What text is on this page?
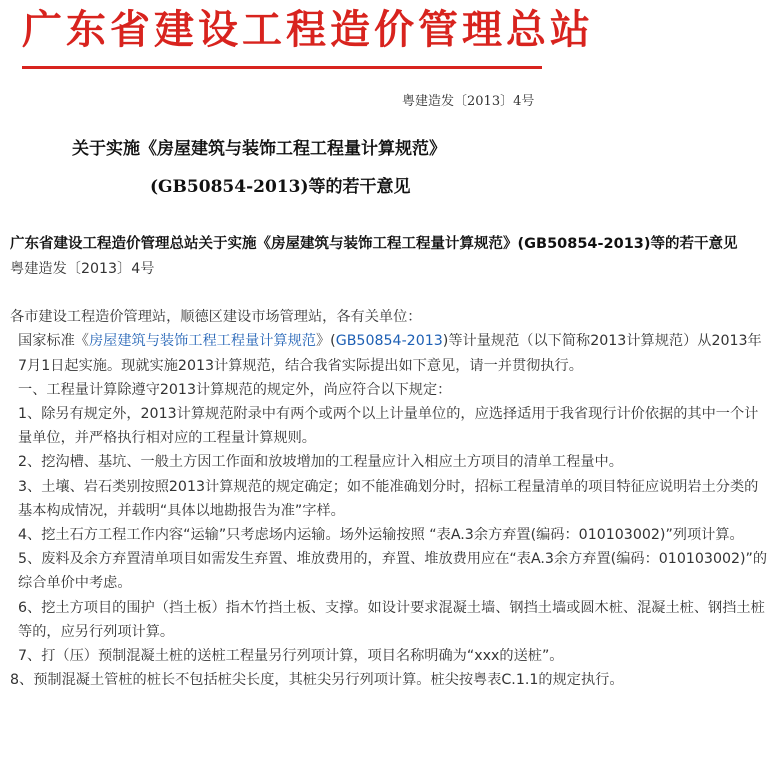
广东省建设工程造价管理总站
粤建造发〔2013〕4号
关于实施《房屋建筑与装饰工程工程量计算规范》
(GB50854-2013)等的若干意见

广东省建设工程造价管理总站关于实施《房屋建筑与装饰工程工程量计算规范》(GB50854-2013)等的若干意见

粤建造发〔2013〕4号

各市建设工程造价管理站，顺德区建设市场管理站，各有关单位：

国家标准《房屋建筑与装饰工程工程量计算规范》(GB50854-2013)等计量规范（以下简称2013计算规范）从2013年7月1日起实施。现就实施2013计算规范，结合我省实际提出如下意见，请一并贯彻执行。

一、工程量计算除遵守2013计算规范的规定外，尚应符合以下规定：

1、除另有规定外，2013计算规范附录中有两个或两个以上计量单位的，应选择适用于我省现行计价依据的其中一个计量单位，并严格执行相对应的工程量计算规则。

2、挖沟槽、基坑、一般土方因工作面和放坡增加的工程量应计入相应土方项目的清单工程量中。

3、土壤、岩石类别按照2013计算规范的规定确定；如不能准确划分时，招标工程量清单的项目特征应说明岩土分类的基本构成情况，并载明“具体以地勘报告为准”字样。

4、挖土石方工程工作内容“运输”只考虑场内运输。场外运输按照 “表A.3余方弃置(编码：010103002)”列项计算。

5、废料及余方弃置清单项目如需发生弃置、堆放费用的，弃置、堆放费用应在“表A.3余方弃置(编码：010103002)”的综合单价中考虑。

6、挖土方项目的围护（挡土板）指木竹挡土板、支撑。如设计要求混凝土墙、钢挡土墙或圆木桩、混凝土桩、钢挡土桩等的，应另行列项计算。

7、打（压）预制混凝土桩的送桩工程量另行列项计算，项目名称明确为“xxx的送桩”。

8、预制混凝土管桩的桩长不包括桩尖长度，其桩尖另行列项计算。桩尖按粤表C.1.1的规定执行。
